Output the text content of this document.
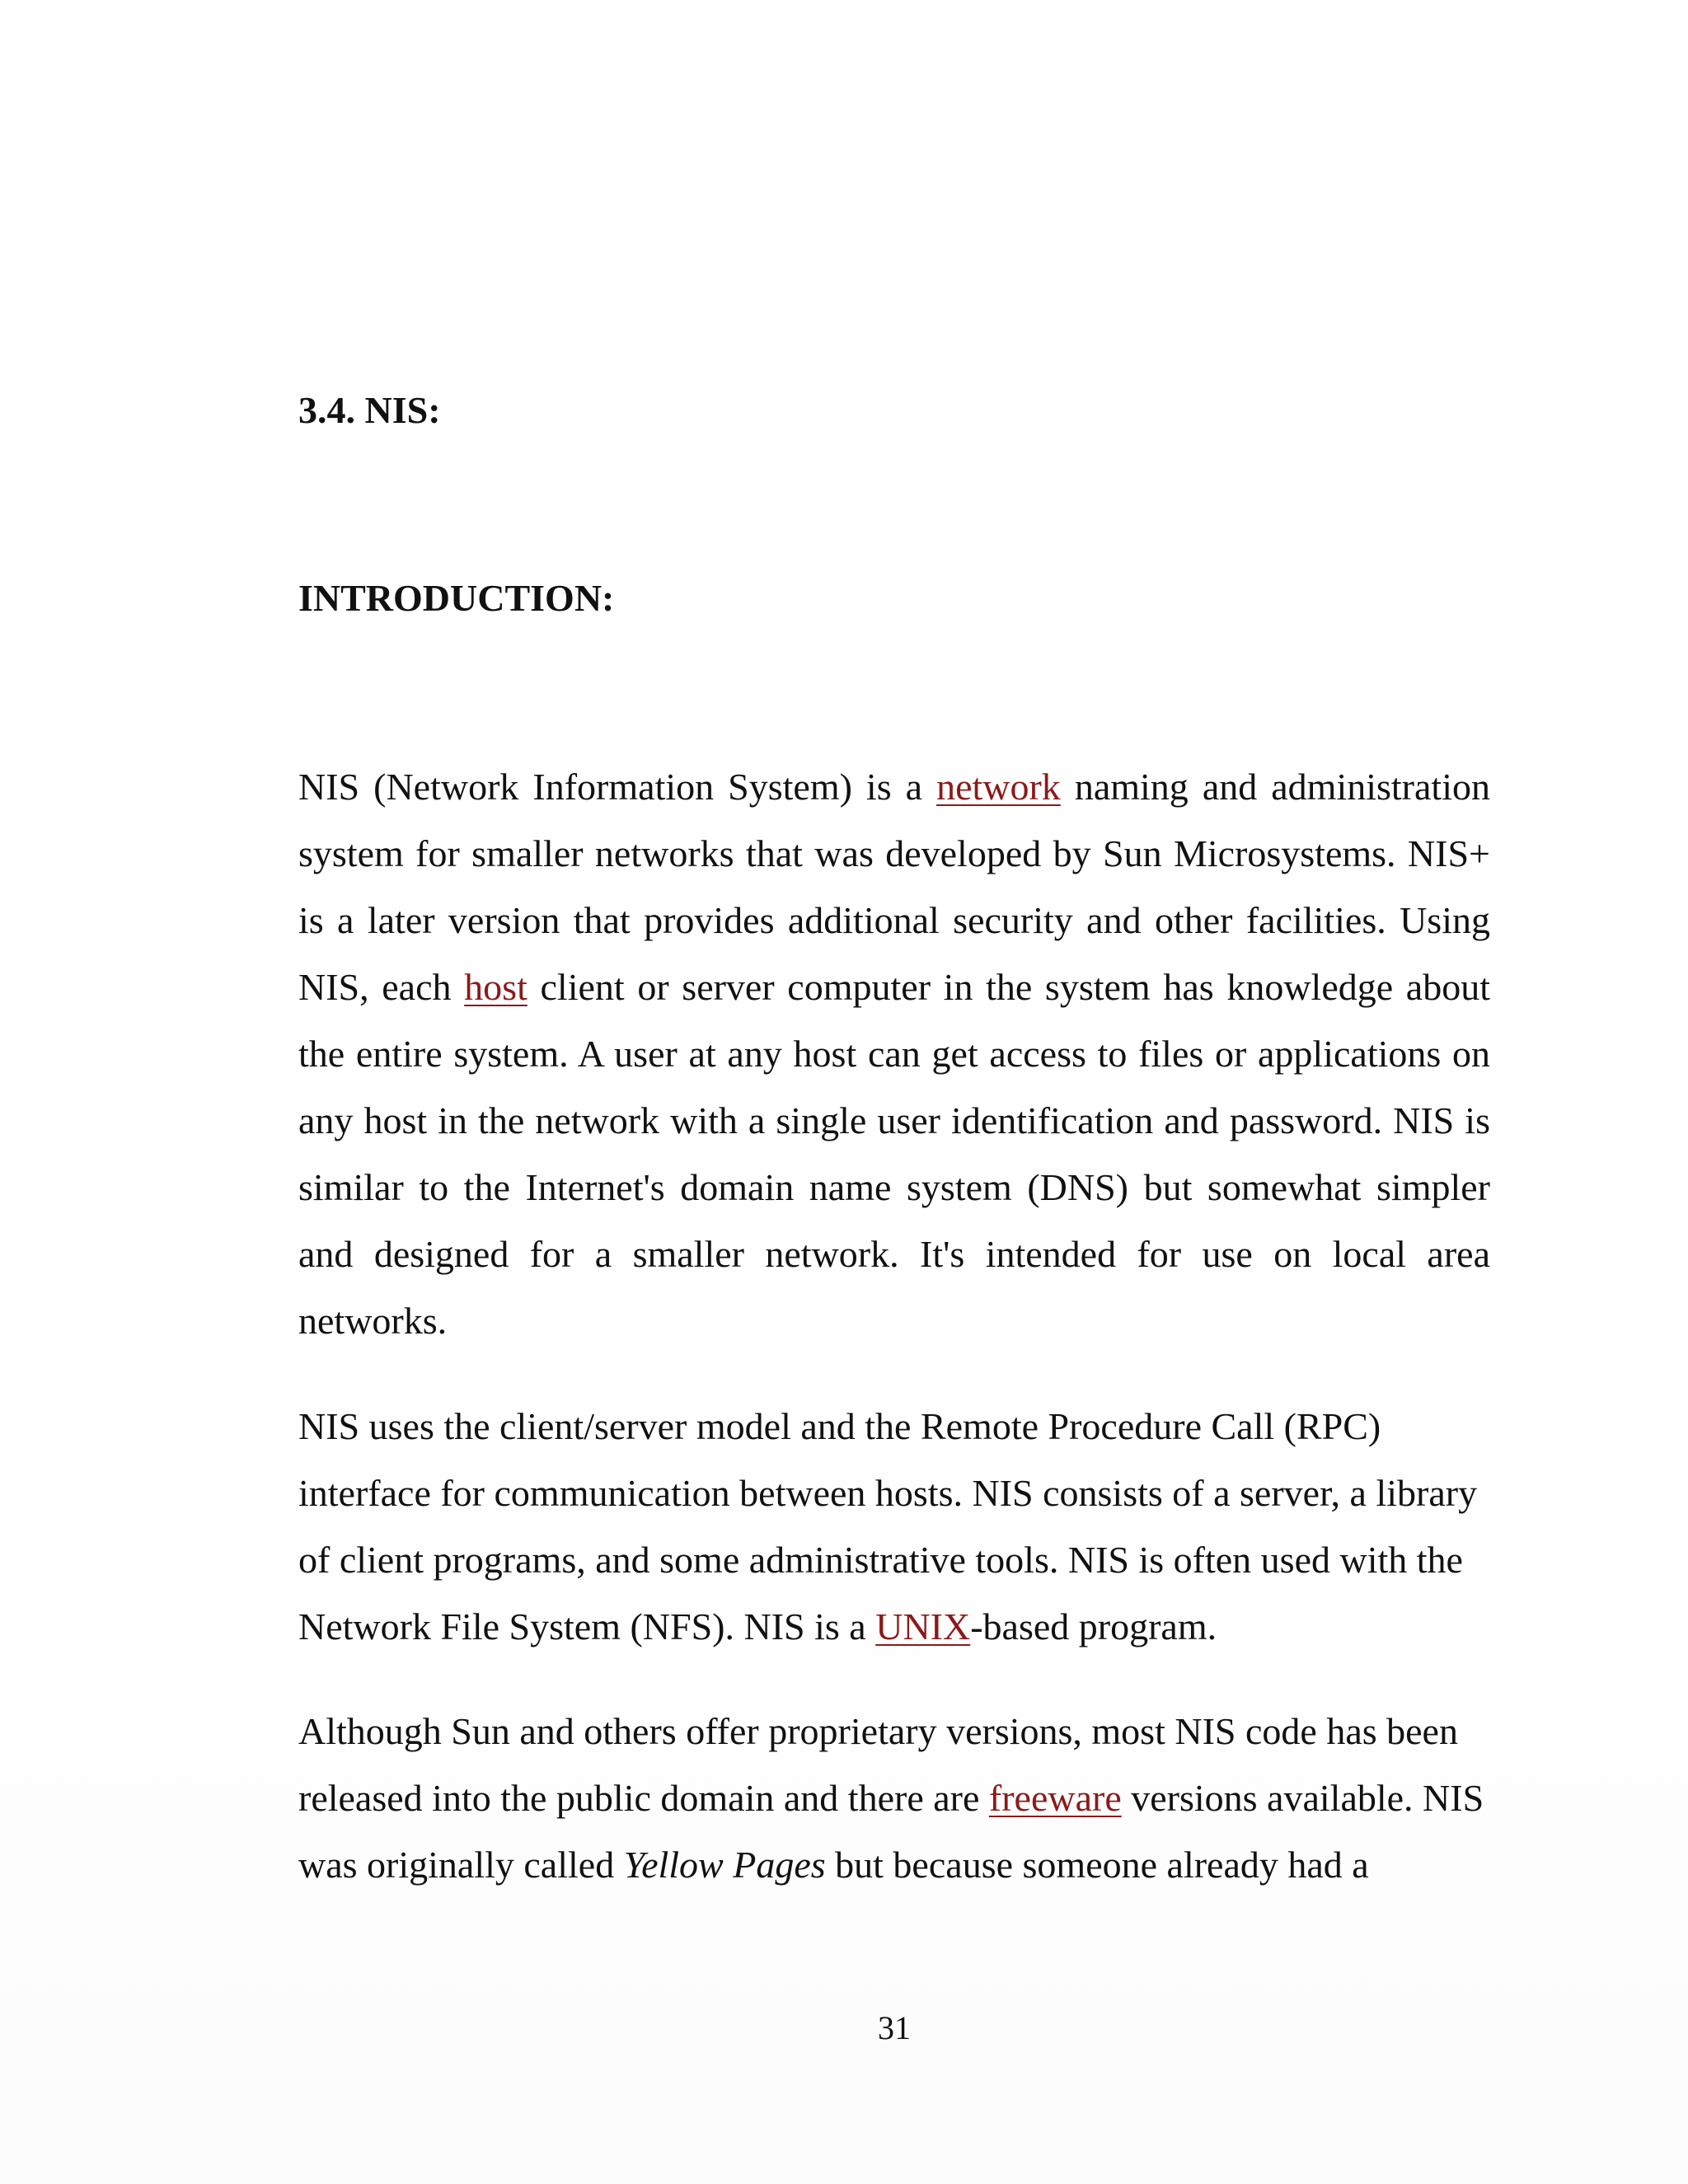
3.4. NIS:
INTRODUCTION:

NIS (Network Information System) is a network naming and administration system for smaller networks that was developed by Sun Microsystems. NIS+ is a later version that provides additional security and other facilities. Using NIS, each host client or server computer in the system has knowledge about the entire system. A user at any host can get access to files or applications on any host in the network with a single user identification and password. NIS is similar to the Internet's domain name system (DNS) but somewhat simpler and designed for a smaller network. It's intended for use on local area networks.

NIS uses the client/server model and the Remote Procedure Call (RPC) interface for communication between hosts. NIS consists of a server, a library of client programs, and some administrative tools. NIS is often used with the Network File System (NFS). NIS is a UNIX-based program.

Although Sun and others offer proprietary versions, most NIS code has been released into the public domain and there are freeware versions available. NIS was originally called Yellow Pages but because someone already had a

31
